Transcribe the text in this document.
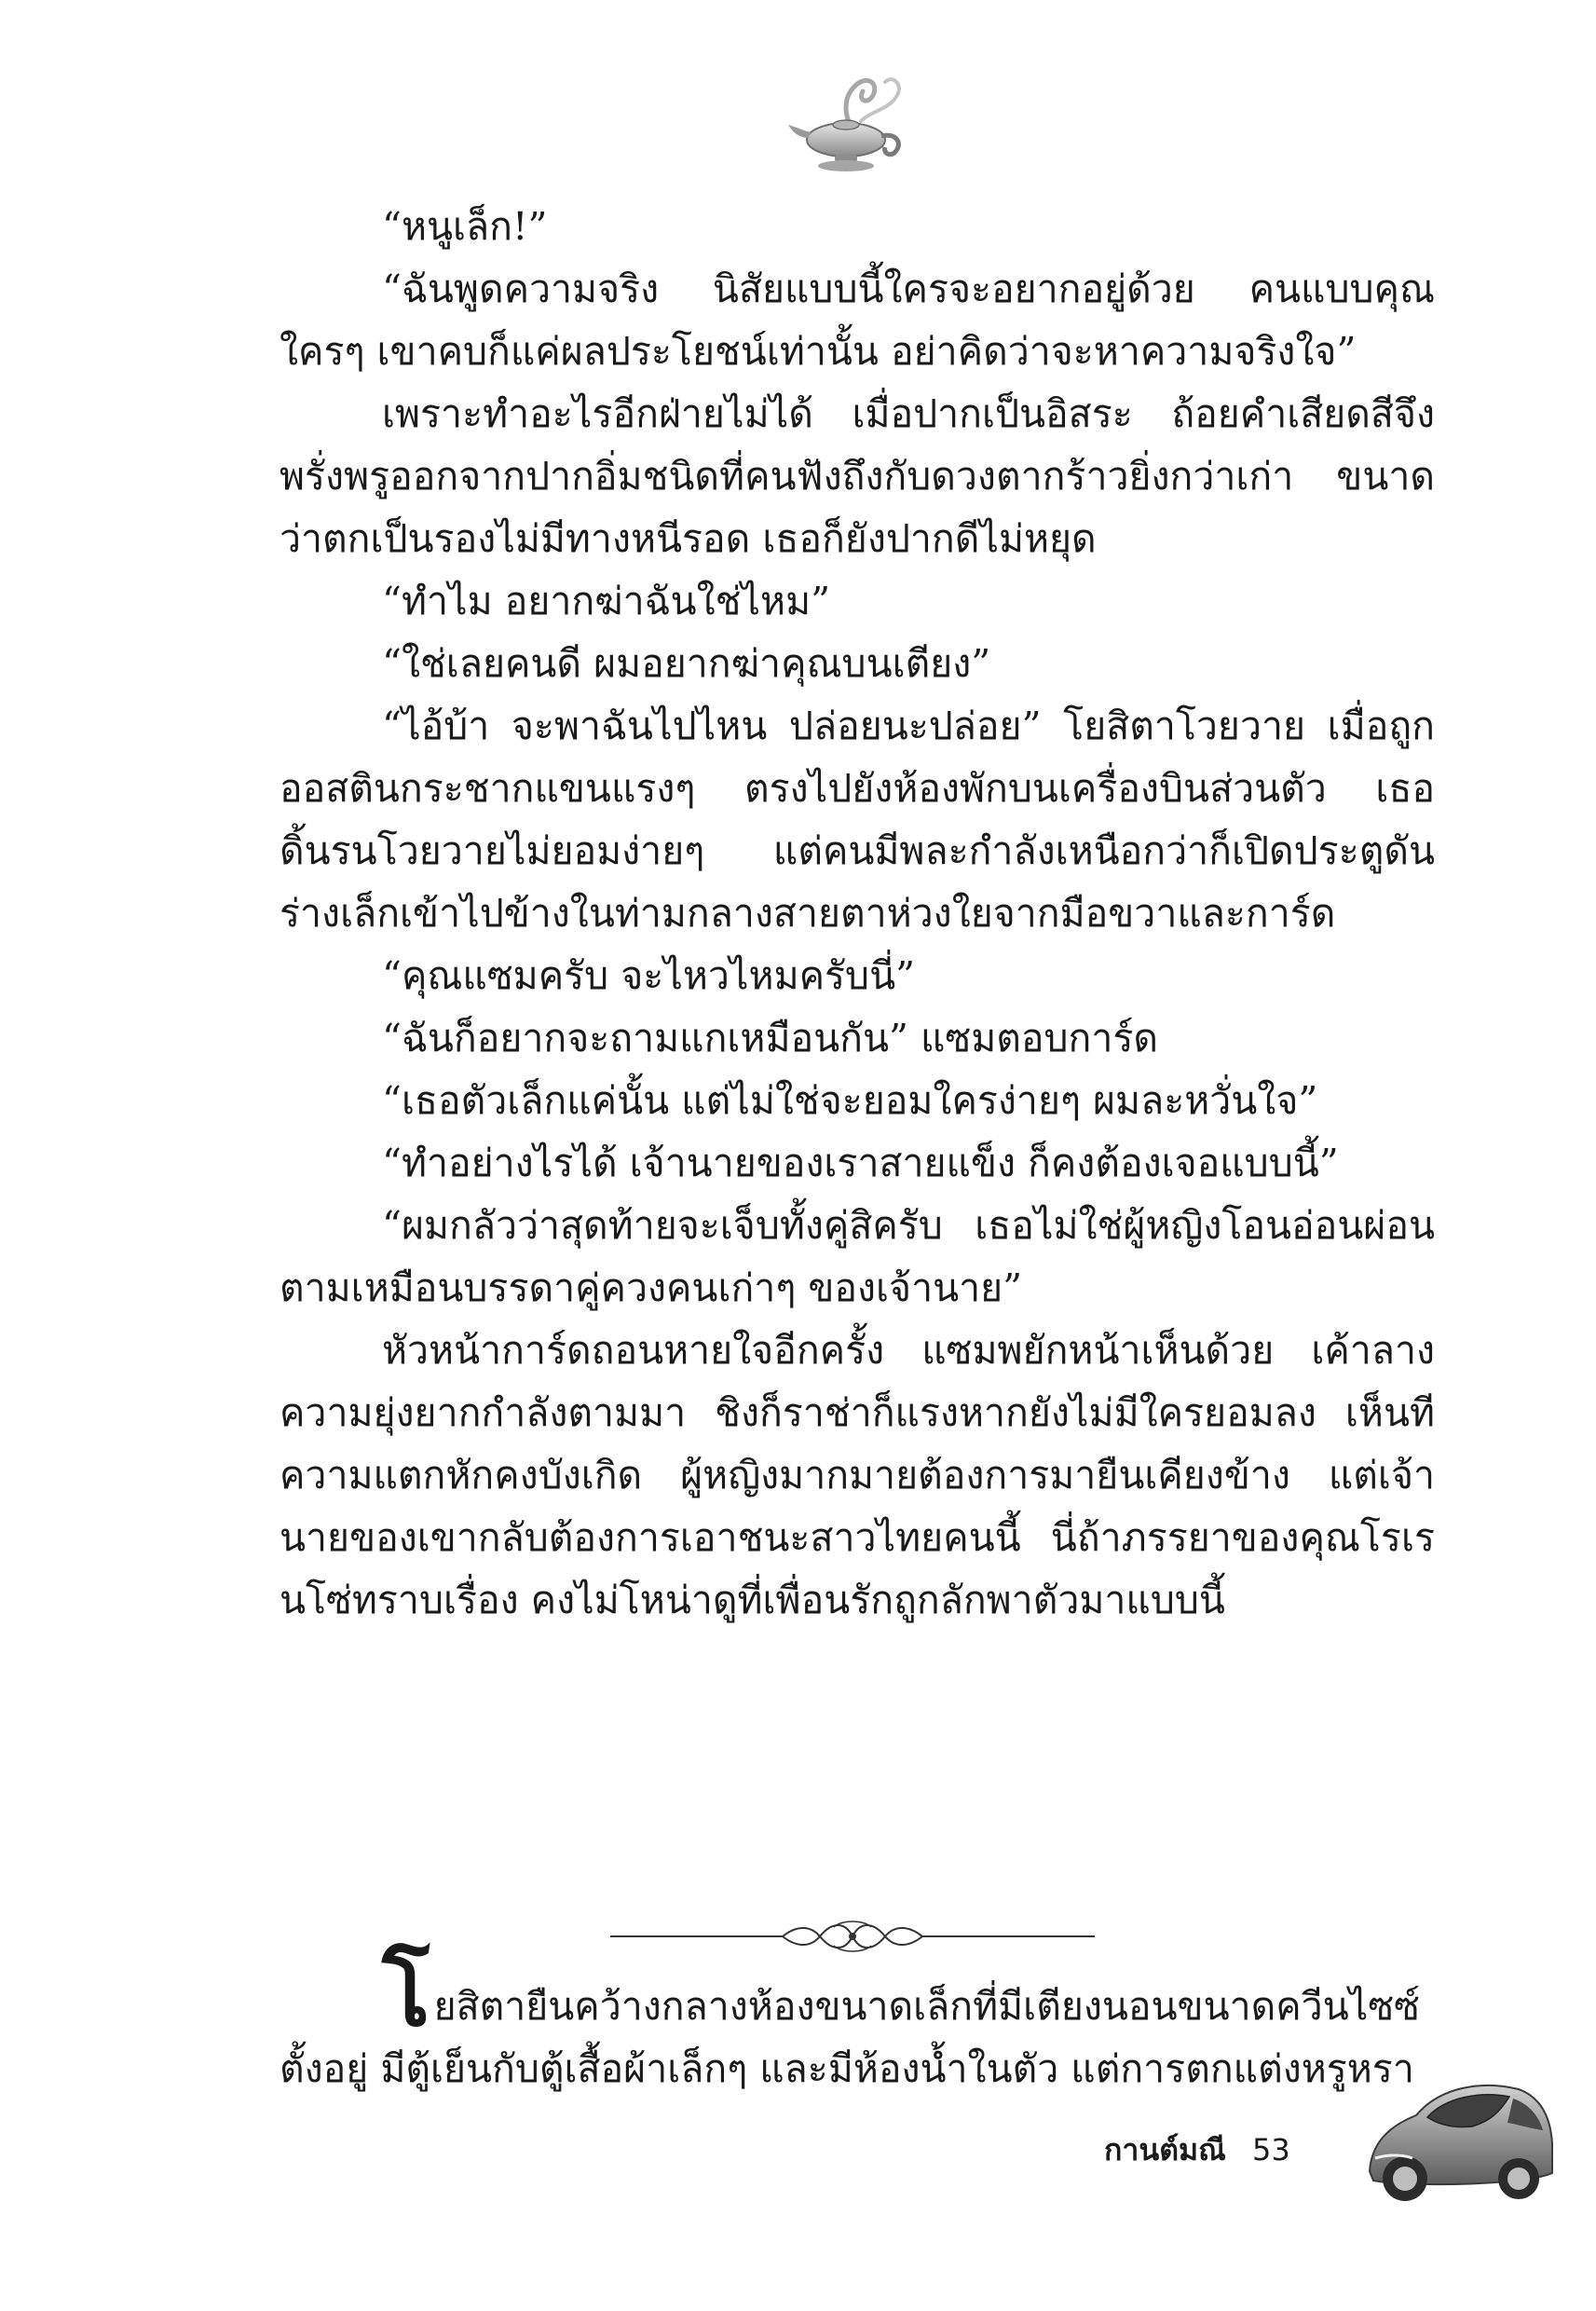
“หนูเล็ก!”

“ฉันพูดความจริง นิสัยแบบนี้ใครจะอยากอยู่ด้วย คนแบบคุณใครๆ เขาคบก็แค่ผลประโยชน์เท่านั้น อย่าคิดว่าจะหาความจริงใจ”

เพราะทำอะไรอีกฝ่ายไม่ได้ เมื่อปากเป็นอิสระ ถ้อยคำเสียดสีจึงพรั่งพรูออกจากปากอิ่มชนิดที่คนฟังถึงกับดวงตากร้าวยิ่งกว่าเก่า ขนาดว่าตกเป็นรองไม่มีทางหนีรอด เธอก็ยังปากดีไม่หยุด

“ทำไม อยากฆ่าฉันใช่ไหม”

“ใช่เลยคนดี ผมอยากฆ่าคุณบนเตียง”

“ไอ้บ้า จะพาฉันไปไหน ปล่อยนะปล่อย” โยสิตาโวยวาย เมื่อถูกออสตินกระชากแขนแรงๆ ตรงไปยังห้องพักบนเครื่องบินส่วนตัว เธอดิ้นรนโวยวายไม่ยอมง่ายๆ แต่คนมีพละกำลังเหนือกว่าก็เปิดประตูดันร่างเล็กเข้าไปข้างในท่ามกลางสายตาห่วงใยจากมือขวาและการ์ด

“คุณแซมครับ จะไหวไหมครับนี่”

“ฉันก็อยากจะถามแกเหมือนกัน” แซมตอบการ์ด

“เธอตัวเล็กแค่นั้น แต่ไม่ใช่จะยอมใครง่ายๆ ผมละหวั่นใจ”

“ทำอย่างไรได้ เจ้านายของเราสายแข็ง ก็คงต้องเจอแบบนี้”

“ผมกลัวว่าสุดท้ายจะเจ็บทั้งคู่สิครับ เธอไม่ใช่ผู้หญิงโอนอ่อนผ่อนตามเหมือนบรรดาคู่ควงคนเก่าๆ ของเจ้านาย”

หัวหน้าการ์ดถอนหายใจอีกครั้ง แซมพยักหน้าเห็นด้วย เค้าลางความยุ่งยากกำลังตามมา ชิงก็ราช่าก็แรงหากยังไม่มีใครยอมลง เห็นทีความแตกหักคงบังเกิด ผู้หญิงมากมายต้องการมายืนเคียงข้าง แต่เจ้านายของเขากลับต้องการเอาชนะสาวไทยคนนี้ นี่ถ้าภรรยาของคุณโรเรนโซ่ทราบเรื่อง คงไม่โหน่าดูที่เพื่อนรักถูกลักพาตัวมาแบบนี้

โยสิตายืนคว้างกลางห้องขนาดเล็กที่มีเตียงนอนขนาดควีนไซซ์ตั้งอยู่ มีตู้เย็นกับตู้เสื้อผ้าเล็กๆ และมีห้องน้ำในตัว แต่การตกแต่งหรูหรา

กานต์มณี 53
